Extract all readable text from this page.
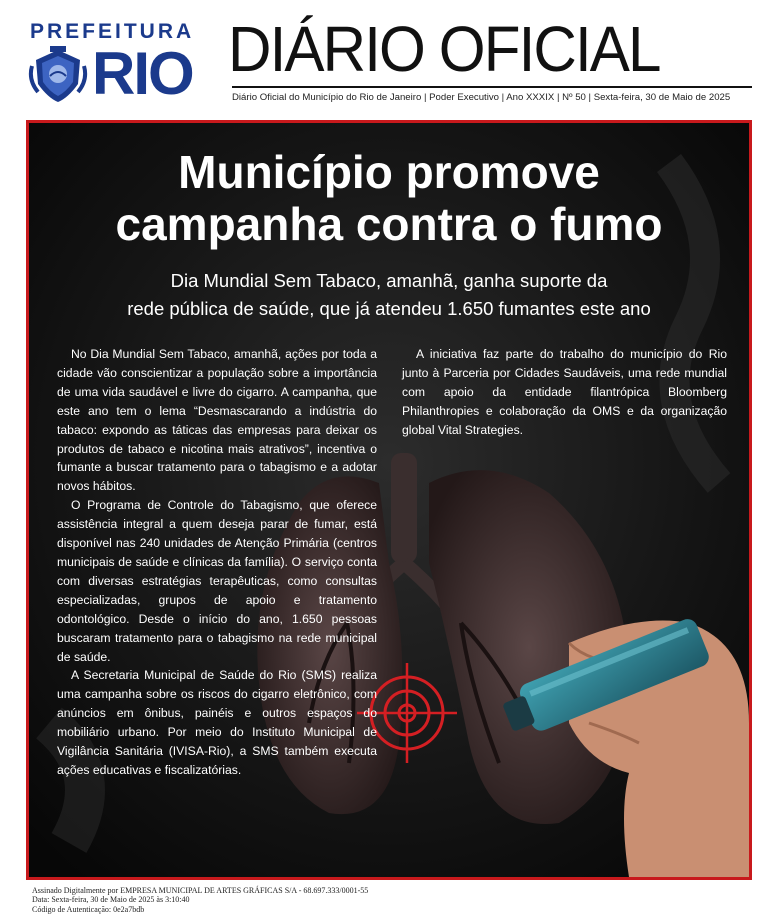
PREFEITURA
RIO DIÁRIO OFICIAL
Diário Oficial do Município do Rio de Janeiro | Poder Executivo | Ano XXXIX | Nº 50 | Sexta-feira, 30 de Maio de 2025
Município promove
campanha contra o fumo
Dia Mundial Sem Tabaco, amanhã, ganha suporte da
rede pública de saúde, que já atendeu 1.650 fumantes este ano

No Dia Mundial Sem Tabaco, amanhã, ações por toda a cidade vão conscientizar a população sobre a importância de uma vida saudável e livre do cigarro. A campanha, que este ano tem o lema “Desmascarando a indústria do tabaco: expondo as táticas das empresas para deixar os produtos de tabaco e nicotina mais atrativos”, incentiva o fumante a buscar tratamento para o tabagismo e a adotar novos hábitos.

O Programa de Controle do Tabagismo, que oferece assistência integral a quem deseja parar de fumar, está disponível nas 240 unidades de Atenção Primária (centros municipais de saúde e clínicas da família). O serviço conta com diversas estratégias terapêuticas, como consultas especializadas, grupos de apoio e tratamento odontológico. Desde o início do ano, 1.650 pessoas buscaram tratamento para o tabagismo na rede municipal de saúde.

A Secretaria Municipal de Saúde do Rio (SMS) realiza uma campanha sobre os riscos do cigarro eletrônico, com anúncios em ônibus, painéis e outros espaços do mobiliário urbano. Por meio do Instituto Municipal de Vigilância Sanitária (IVISA-Rio), a SMS também executa ações educativas e fiscalizatórias.

A iniciativa faz parte do trabalho do município do Rio junto à Parceria por Cidades Saudáveis, uma rede mundial com apoio da entidade filantrópica Bloomberg Philanthropies e colaboração da OMS e da organização global Vital Strategies.

Assinado Digitalmente por EMPRESA MUNICIPAL DE ARTES GRÁFICAS S/A - 68.697.333/0001-55
Data: Sexta-feira, 30 de Maio de 2025 às 3:10:40
Código de Autenticação: 0e2a7bdb
